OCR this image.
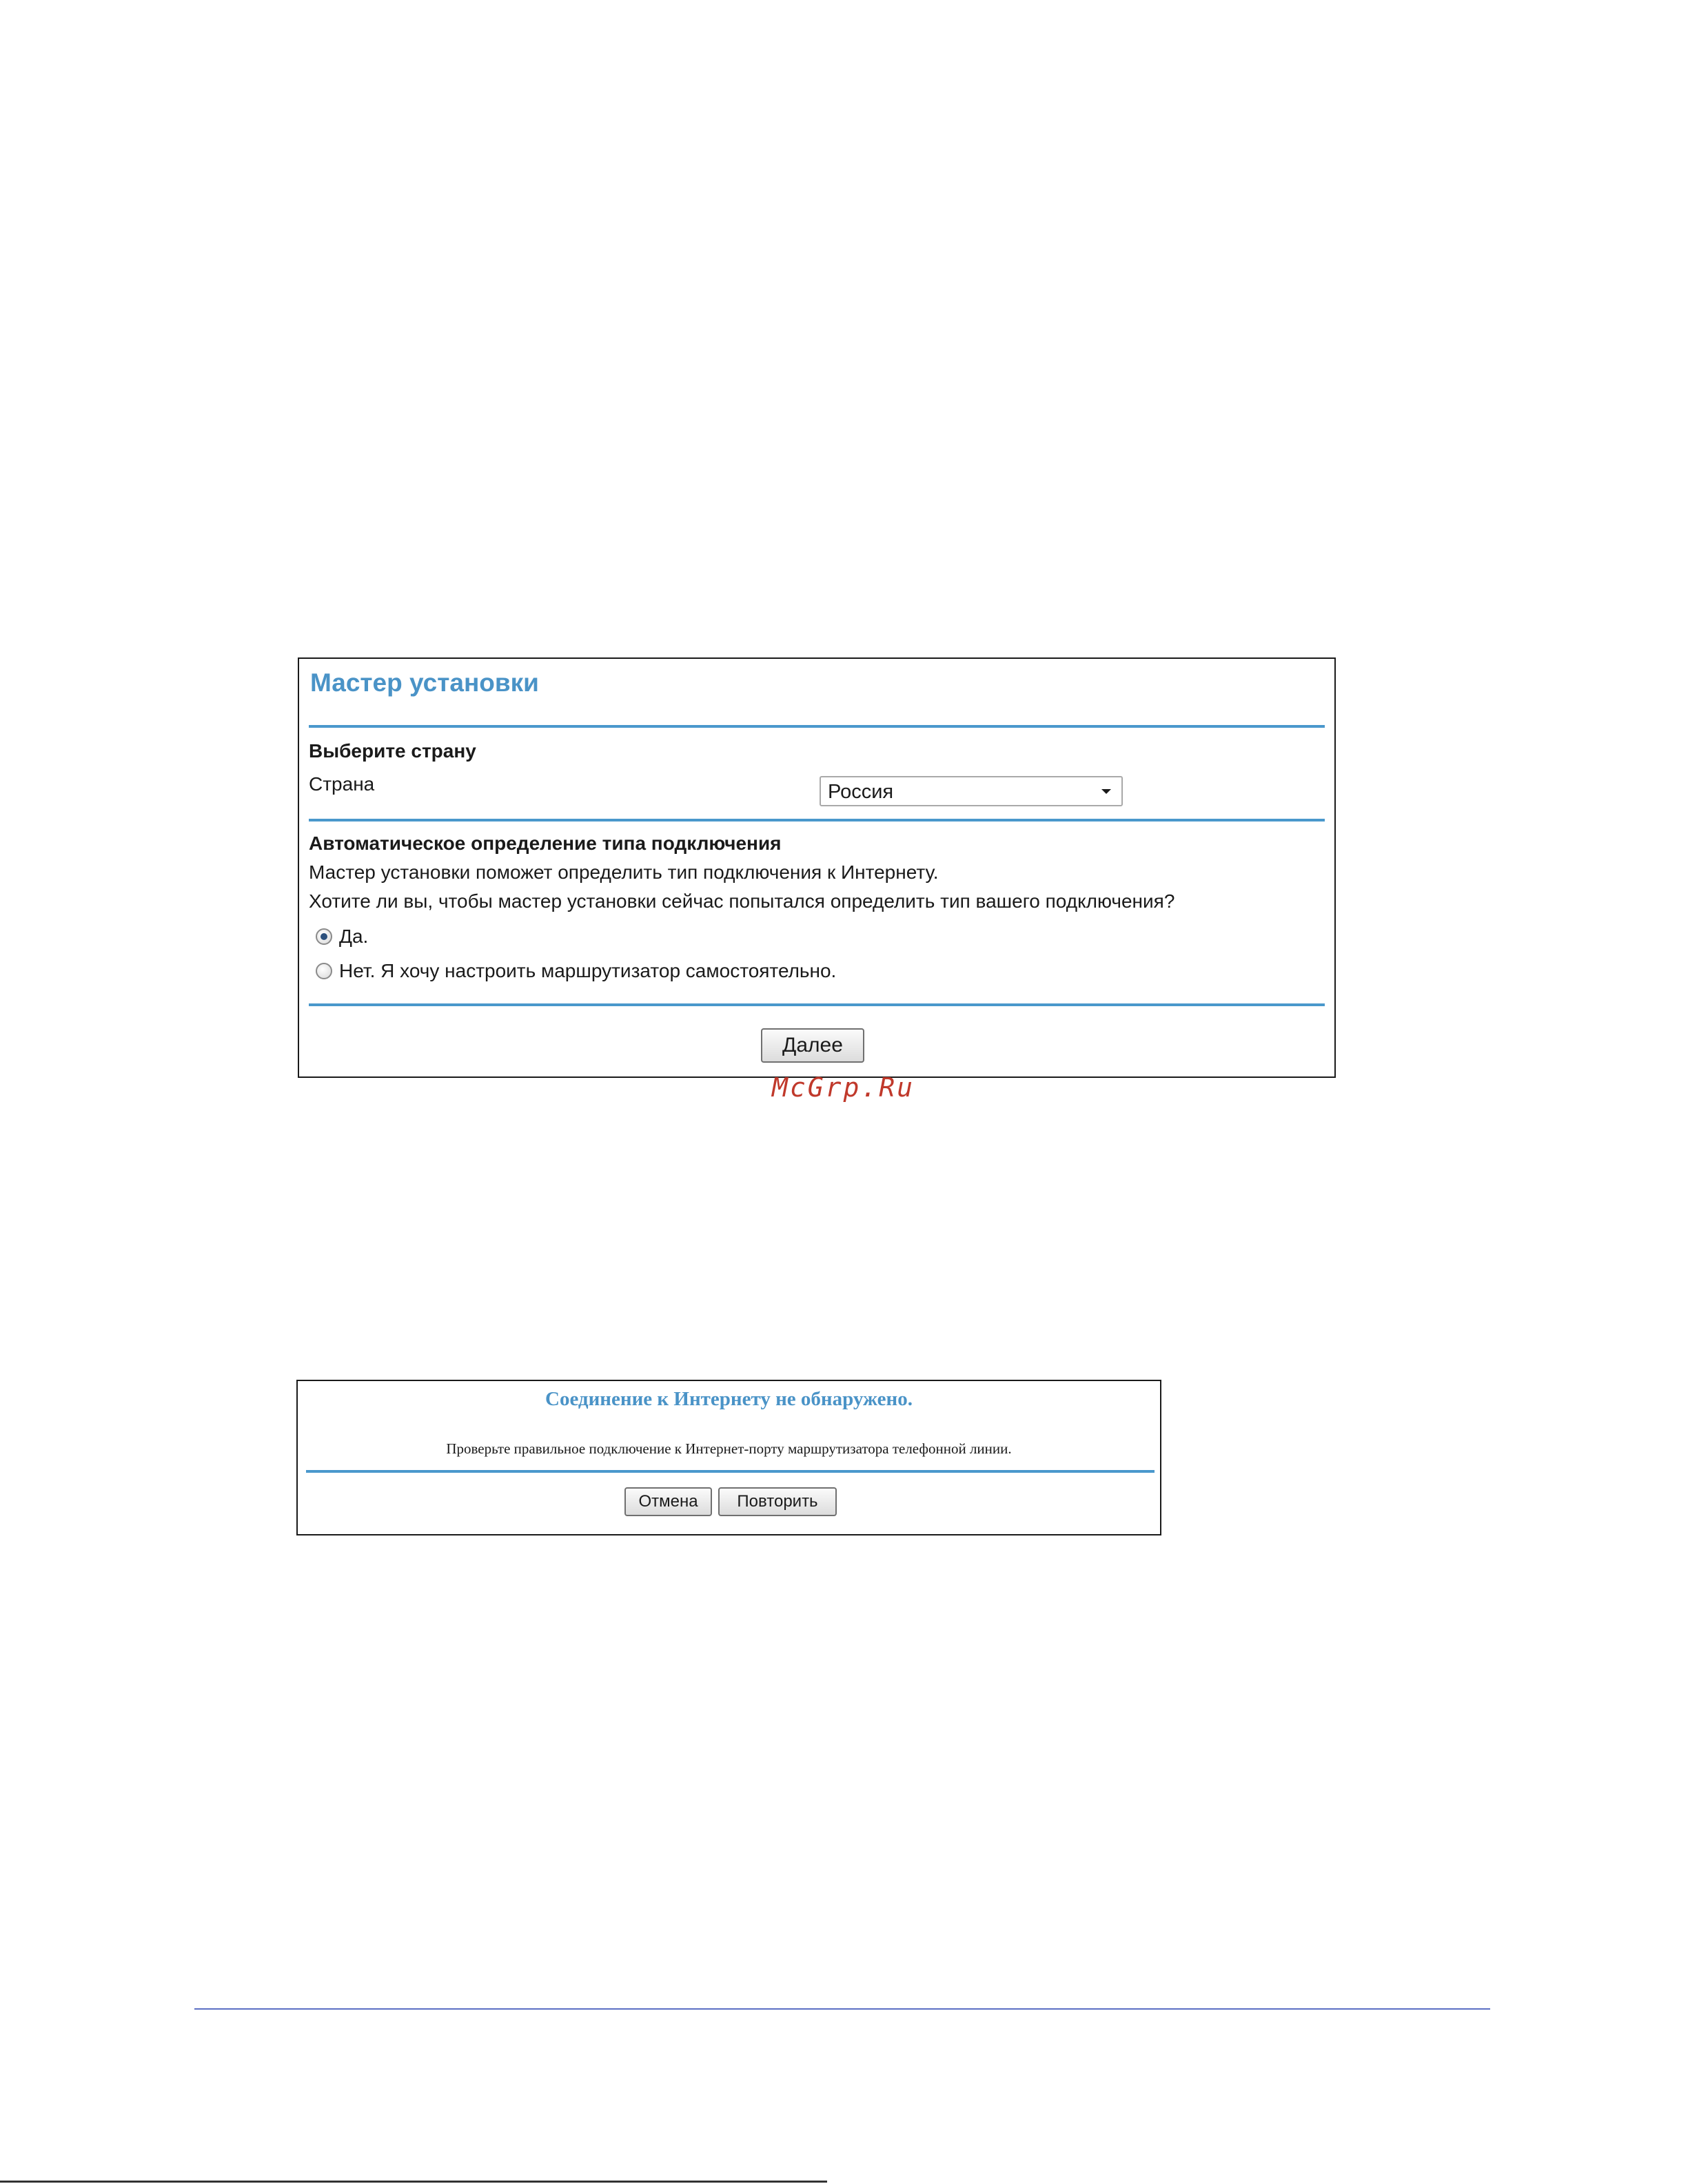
Мастер установки
Выберите страну
Страна	Россия
Автоматическое определение типа подключения
Мастер установки поможет определить тип подключения к Интернету.
Хотите ли вы, чтобы мастер установки сейчас попытался определить тип вашего подключения?
Да.
Нет. Я хочу настроить маршрутизатор самостоятельно.
Далее
McGrp.Ru
Соединение к Интернету не обнаружено.
Проверьте правильное подключение к Интернет-порту маршрутизатора телефонной линии.
Отмена	Повторить
